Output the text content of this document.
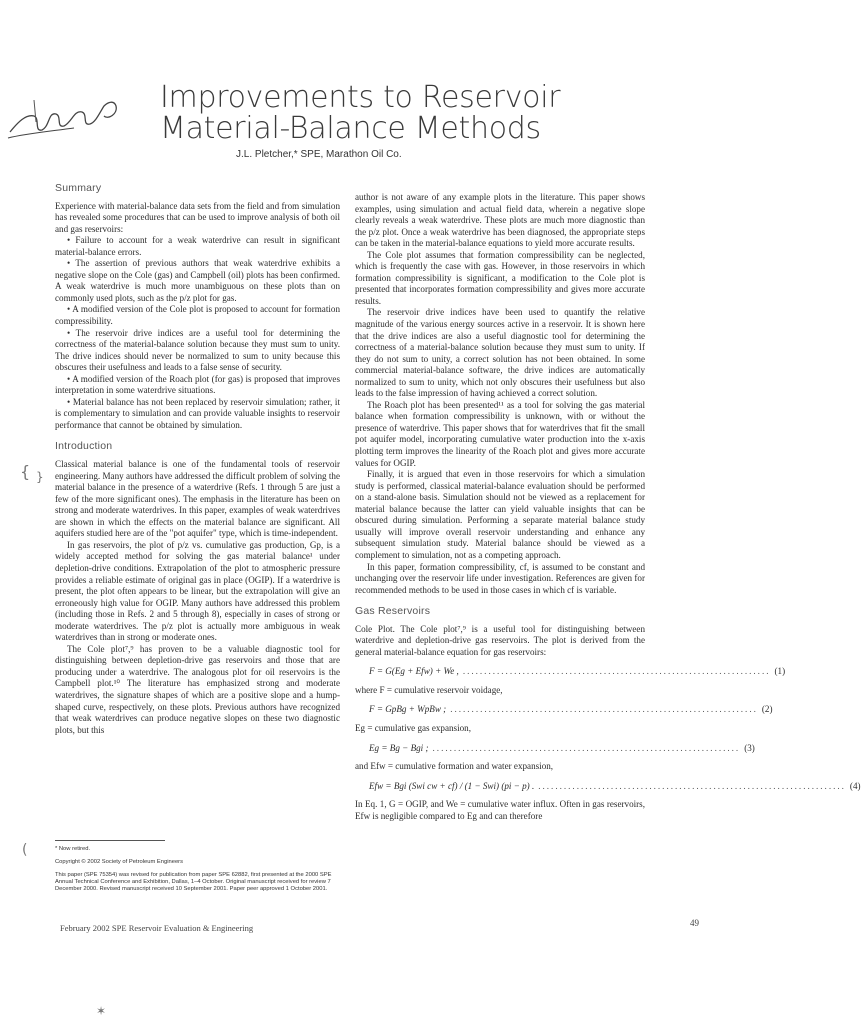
{ }
(
✶
Improvements to Reservoir
Material-Balance Methods
J.L. Pletcher,* SPE, Marathon Oil Co.
Summary

Experience with material-balance data sets from the field and from simulation has revealed some procedures that can be used to improve analysis of both oil and gas reservoirs:

• Failure to account for a weak waterdrive can result in significant material-balance errors.

• The assertion of previous authors that weak waterdrive exhibits a negative slope on the Cole (gas) and Campbell (oil) plots has been confirmed. A weak waterdrive is much more unambiguous on these plots than on commonly used plots, such as the p/z plot for gas.

• A modified version of the Cole plot is proposed to account for formation compressibility.

• The reservoir drive indices are a useful tool for determining the correctness of the material-balance solution because they must sum to unity. The drive indices should never be normalized to sum to unity because this obscures their usefulness and leads to a false sense of security.

• A modified version of the Roach plot (for gas) is proposed that improves interpretation in some waterdrive situations.

• Material balance has not been replaced by reservoir simulation; rather, it is complementary to simulation and can provide valuable insights to reservoir performance that cannot be obtained by simulation.

Introduction

Classical material balance is one of the fundamental tools of reservoir engineering. Many authors have addressed the difficult problem of solving the material balance in the presence of a waterdrive (Refs. 1 through 5 are just a few of the more significant ones). The emphasis in the literature has been on strong and moderate waterdrives. In this paper, examples of weak waterdrives are shown in which the effects on the material balance are significant. All aquifers studied here are of the "pot aquifer" type, which is time-independent.

In gas reservoirs, the plot of p/z vs. cumulative gas production, Gp, is a widely accepted method for solving the gas material balance¹ under depletion-drive conditions. Extrapolation of the plot to atmospheric pressure provides a reliable estimate of original gas in place (OGIP). If a waterdrive is present, the plot often appears to be linear, but the extrapolation will give an erroneously high value for OGIP. Many authors have addressed this problem (including those in Refs. 2 and 5 through 8), especially in cases of strong or moderate waterdrives. The p/z plot is actually more ambiguous in weak waterdrives than in strong or moderate ones.

The Cole plot⁷,⁹ has proven to be a valuable diagnostic tool for distinguishing between depletion-drive gas reservoirs and those that are producing under a waterdrive. The analogous plot for oil reservoirs is the Campbell plot.¹⁰ The literature has emphasized strong and moderate waterdrives, the signature shapes of which are a positive slope and a hump-shaped curve, respectively, on these plots. Previous authors have recognized that weak waterdrives can produce negative slopes on these two diagnostic plots, but this

author is not aware of any example plots in the literature. This paper shows examples, using simulation and actual field data, wherein a negative slope clearly reveals a weak waterdrive. These plots are much more diagnostic than the p/z plot. Once a weak waterdrive has been diagnosed, the appropriate steps can be taken in the material-balance equations to yield more accurate results.

The Cole plot assumes that formation compressibility can be neglected, which is frequently the case with gas. However, in those reservoirs in which formation compressibility is significant, a modification to the Cole plot is presented that incorporates formation compressibility and gives more accurate results.

The reservoir drive indices have been used to quantify the relative magnitude of the various energy sources active in a reservoir. It is shown here that the drive indices are also a useful diagnostic tool for determining the correctness of a material-balance solution because they must sum to unity. If they do not sum to unity, a correct solution has not been obtained. In some commercial material-balance software, the drive indices are automatically normalized to sum to unity, which not only obscures their usefulness but also leads to the false impression of having achieved a correct solution.

The Roach plot has been presented¹¹ as a tool for solving the gas material balance when formation compressibility is unknown, with or without the presence of waterdrive. This paper shows that for waterdrives that fit the small pot aquifer model, incorporating cumulative water production into the x-axis plotting term improves the linearity of the Roach plot and gives more accurate values for OGIP.

Finally, it is argued that even in those reservoirs for which a simulation study is performed, classical material-balance evaluation should be performed on a stand-alone basis. Simulation should not be viewed as a replacement for material balance because the latter can yield valuable insights that can be obscured during simulation. Performing a separate material balance study usually will improve overall reservoir understanding and enhance any subsequent simulation study. Material balance should be viewed as a complement to simulation, not as a competing approach.

In this paper, formation compressibility, cf, is assumed to be constant and unchanging over the reservoir life under investigation. References are given for recommended methods to be used in those cases in which cf is variable.

Gas Reservoirs

Cole Plot. The Cole plot⁷,⁹ is a useful tool for distinguishing between waterdrive and depletion-drive gas reservoirs. The plot is derived from the general material-balance equation for gas reservoirs:

F = G(Eg + Efw) + We , ........................................................................ (1)

where F = cumulative reservoir voidage,

F = GpBg + WpBw ; ........................................................................ (2)

Eg = cumulative gas expansion,

Eg = Bg − Bgi ; ........................................................................ (3)

and Efw = cumulative formation and water expansion,

Efw = Bgi (Swi cw + cf) / (1 − Swi) (pi − p) . ........................................................................ (4)

In Eq. 1, G = OGIP, and We = cumulative water influx. Often in gas reservoirs, Efw is negligible compared to Eg and can therefore

* Now retired.

Copyright © 2002 Society of Petroleum Engineers

This paper (SPE 75354) was revised for publication from paper SPE 62882, first presented at the 2000 SPE Annual Technical Conference and Exhibition, Dallas, 1–4 October. Original manuscript received for review 7 December 2000. Revised manuscript received 10 September 2001. Paper peer approved 1 October 2001.

February 2002 SPE Reservoir Evaluation & Engineering	49
